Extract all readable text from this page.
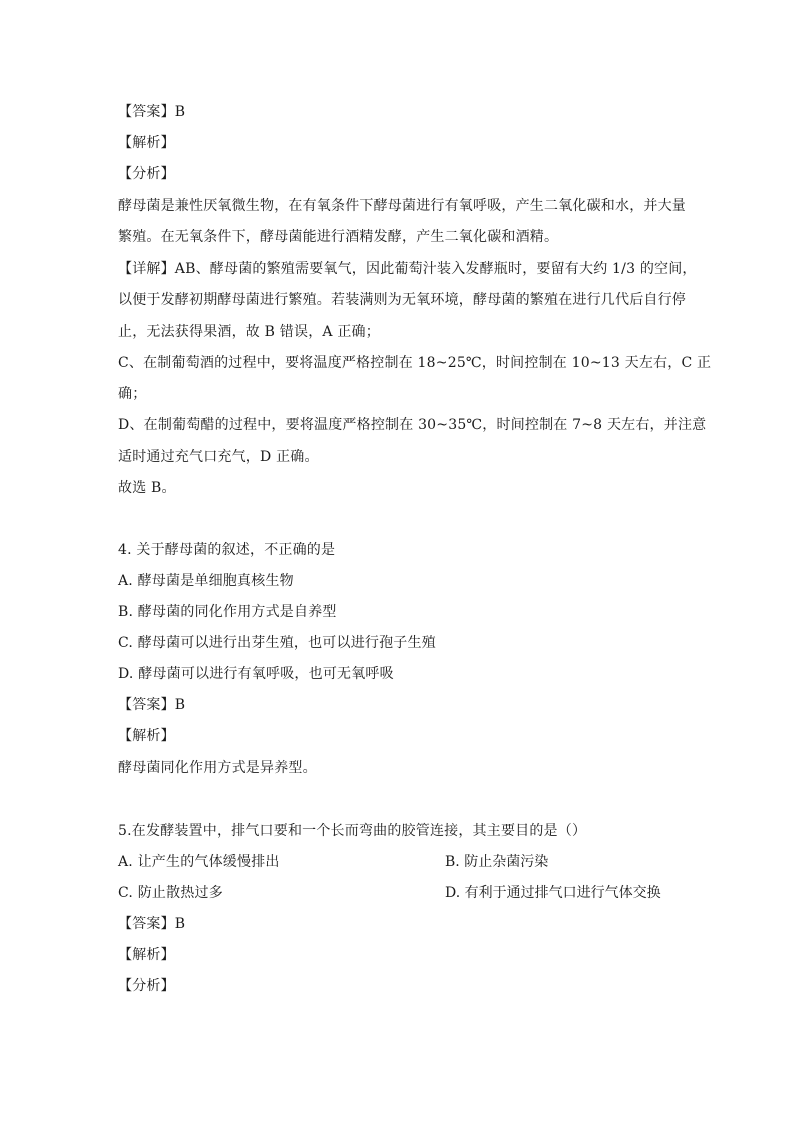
【答案】B
【解析】
【分析】
酵母菌是兼性厌氧微生物，在有氧条件下酵母菌进行有氧呼吸，产生二氧化碳和水，并大量
繁殖。在无氧条件下，酵母菌能进行酒精发酵，产生二氧化碳和酒精。
【详解】AB、酵母菌的繁殖需要氧气，因此葡萄汁装入发酵瓶时，要留有大约 1/3 的空间，
以便于发酵初期酵母菌进行繁殖。若装满则为无氧环境，酵母菌的繁殖在进行几代后自行停
止，无法获得果酒，故 B 错误，A 正确；
C、在制葡萄酒的过程中，要将温度严格控制在 18~25℃，时间控制在 10~13 天左右，C 正
确；
D、在制葡萄醋的过程中，要将温度严格控制在 30~35℃，时间控制在 7~8 天左右，并注意
适时通过充气口充气，D 正确。
故选 B。
4. 关于酵母菌的叙述，不正确的是
A. 酵母菌是单细胞真核生物
B. 酵母菌的同化作用方式是自养型
C. 酵母菌可以进行出芽生殖，也可以进行孢子生殖
D. 酵母菌可以进行有氧呼吸，也可无氧呼吸
【答案】B
【解析】
酵母菌同化作用方式是异养型。
5.在发酵装置中，排气口要和一个长而弯曲的胶管连接，其主要目的是（）
A. 让产生的气体缓慢排出	B. 防止杂菌污染
C. 防止散热过多	D. 有利于通过排气口进行气体交换
【答案】B
【解析】
【分析】
